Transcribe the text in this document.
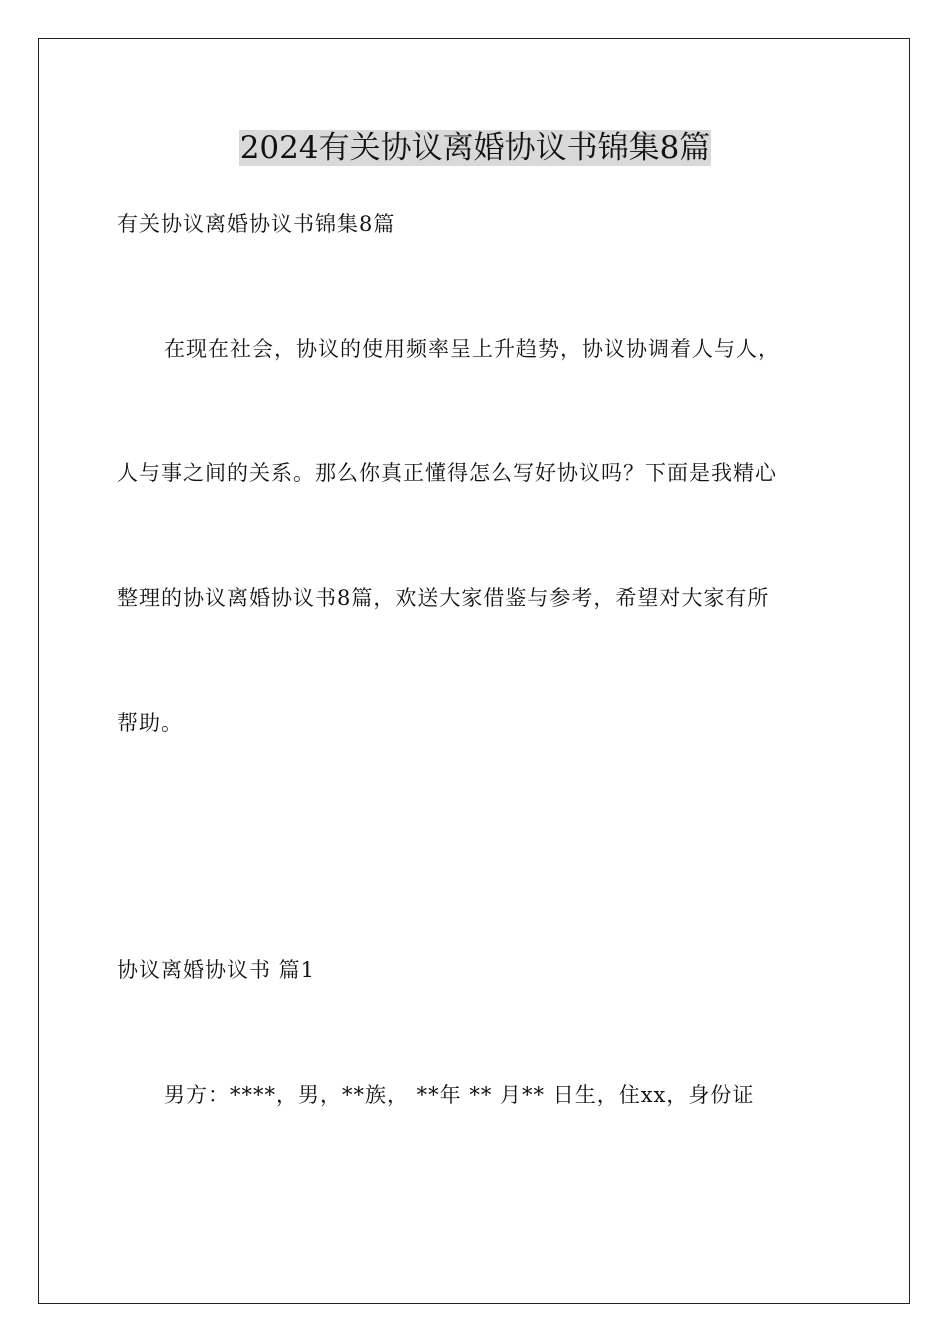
2024有关协议离婚协议书锦集8篇

有关协议离婚协议书锦集8篇

在现在社会，协议的使用频率呈上升趋势，协议协调着人与人，

人与事之间的关系。那么你真正懂得怎么写好协议吗？下面是我精心

整理的协议离婚协议书8篇，欢送大家借鉴与参考，希望对大家有所

帮助。

协议离婚协议书 篇1

男方：****，男，**族， **年 ** 月** 日生，住xx，身份证
